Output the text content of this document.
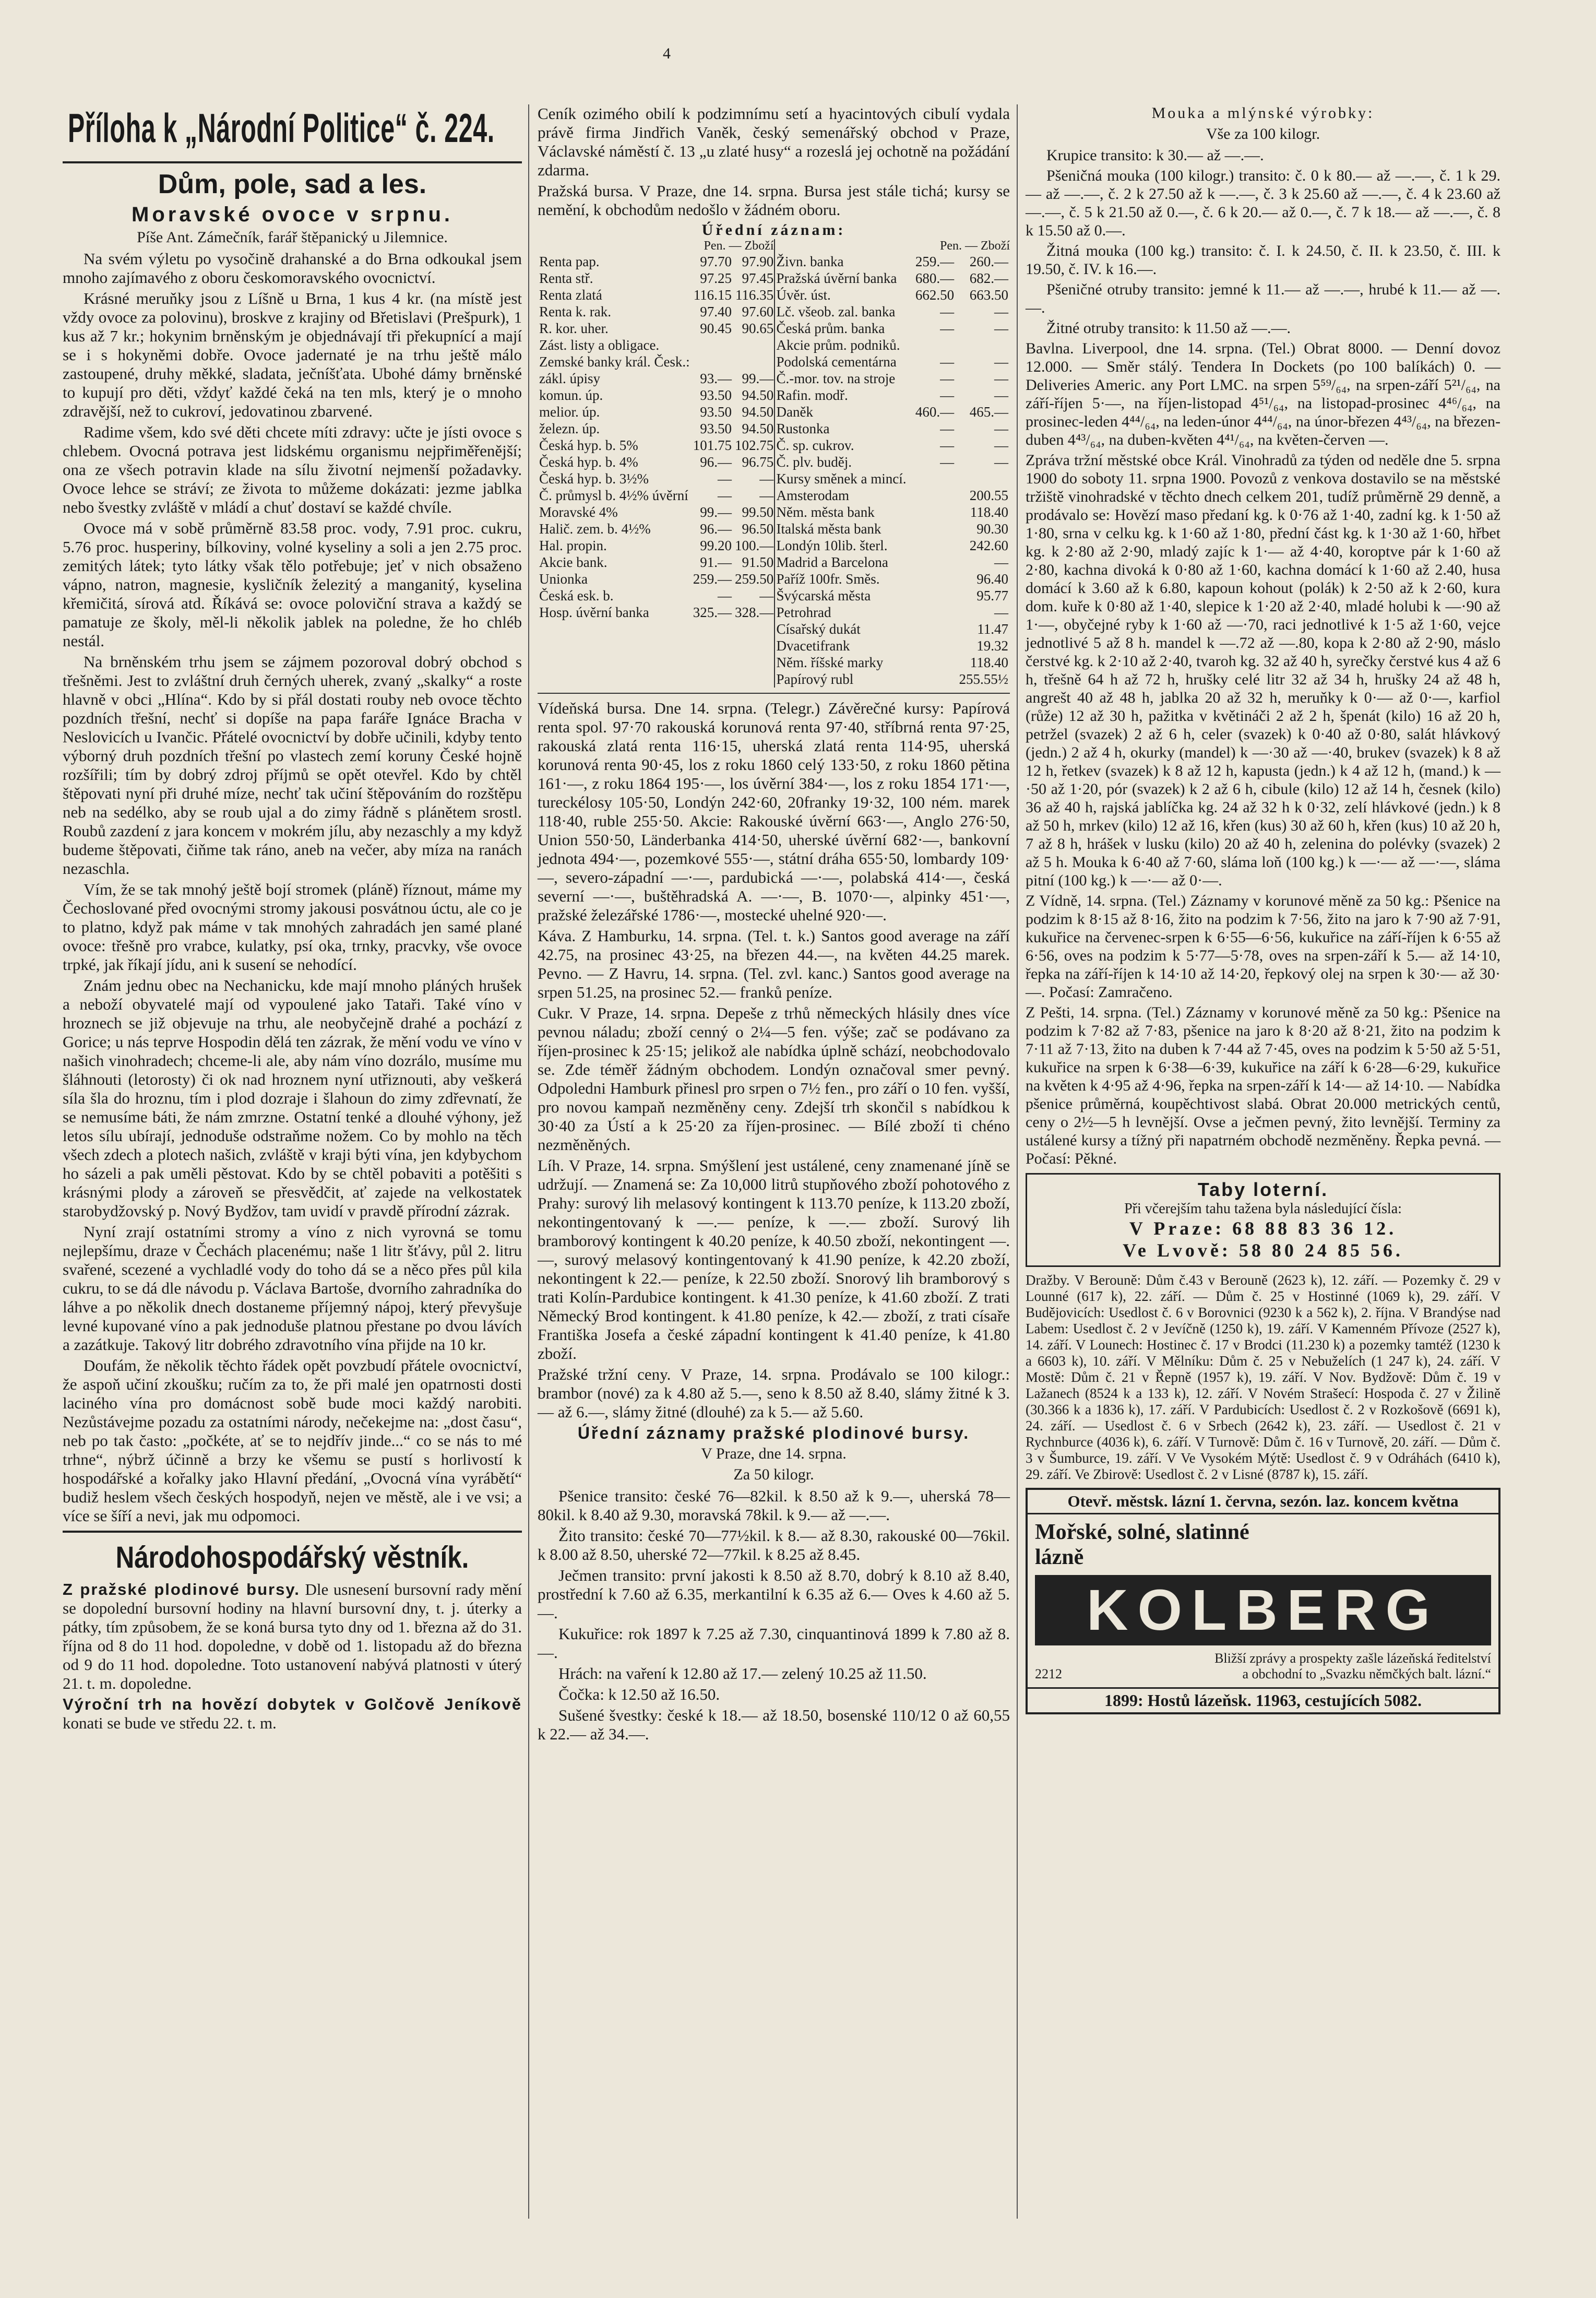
4
Příloha k „Národní Politice“ č. 224.
Dům, pole, sad a les.
Moravské ovoce v srpnu.
Píše Ant. Zámečník, farář štěpanický u Jilemnice.

Na svém výletu po vysočině drahanské a do Brna odkoukal jsem mnoho zajímavého z oboru českomoravského ovocnictví.

Krásné meruňky jsou z Líšně u Brna, 1 kus 4 kr. (na místě jest vždy ovoce za polovinu), broskve z krajiny od Břetislavi (Prešpurk), 1 kus až 7 kr.; hokynim brněnským je objednávají tři překupnící a mají se i s hokyněmi dobře. Ovoce jadernaté je na trhu ještě málo zastoupené, druhy měkké, sladata, ječníšťata. Ubohé dámy brněnské to kupují pro děti, vždyť každé čeká na ten mls, který je o mnoho zdravější, než to cukroví, jedovatinou zbarvené.

Radime všem, kdo své děti chcete míti zdravy: učte je jísti ovoce s chlebem. Ovocná potrava jest lidskému organismu nejpřiměřenější; ona ze všech potravin klade na sílu životní nejmenší požadavky. Ovoce lehce se stráví; ze života to můžeme dokázati: jezme jablka nebo švestky zvláště v mládí a chuť dostaví se každé chvíle.

Ovoce má v sobě průměrně 83.58 proc. vody, 7.91 proc. cukru, 5.76 proc. husperiny, bílkoviny, volné kyseliny a soli a jen 2.75 proc. zemitých látek; tyto látky však tělo potřebuje; jeť v nich obsaženo vápno, natron, magnesie, kysličník železitý a manganitý, kyselina křemičitá, sírová atd. Říkává se: ovoce poloviční strava a každý se pamatuje ze školy, měl-li několik jablek na poledne, že ho chléb nestál.

Na brněnském trhu jsem se zájmem pozoroval dobrý obchod s třešněmi. Jest to zvláštní druh černých uherek, zvaný „skalky“ a roste hlavně v obci „Hlína“. Kdo by si přál dostati rouby neb ovoce těchto pozdních třešní, nechť si dopíše na papa faráře Ignáce Bracha v Neslovicích u Ivančic. Přátelé ovocnictví by dobře učinili, kdyby tento výborný druh pozdních třešní po vlastech zemí koruny České hojně rozšířili; tím by dobrý zdroj příjmů se opět otevřel. Kdo by chtěl štěpovati nyní při druhé míze, nechť tak učiní štěpováním do rozštěpu neb na sedélko, aby se roub ujal a do zimy řádně s plánětem srostl. Roubů zazdení z jara koncem v mokrém jílu, aby nezaschly a my když budeme štěpovati, čiňme tak ráno, aneb na večer, aby míza na ranách nezaschla.

Vím, že se tak mnohý ještě bojí stromek (pláně) říznout, máme my Čechoslované před ovocnými stromy jakousi posvátnou úctu, ale co je to platno, když pak máme v tak mnohých zahradách jen samé plané ovoce: třešně pro vrabce, kulatky, psí oka, trnky, pracvky, vše ovoce trpké, jak říkají jídu, ani k susení se nehodící.

Znám jednu obec na Nechanicku, kde mají mnoho pláných hrušek a neboží obyvatelé mají od vypoulené jako Tataři. Také víno v hroznech se již objevuje na trhu, ale neobyčejně drahé a pochází z Gorice; u nás teprve Hospodin dělá ten zázrak, že mění vodu ve víno v našich vinohradech; chceme-li ale, aby nám víno dozrálo, musíme mu šláhnouti (letorosty) či ok nad hroznem nyní utřiznouti, aby veškerá síla šla do hroznu, tím i plod dozraje i šlahoun do zimy zdřevnatí, že se nemusíme báti, že nám zmrzne. Ostatní tenké a dlouhé výhony, jež letos sílu ubírají, jednoduše odstraňme nožem. Co by mohlo na těch všech zdech a plotech našich, zvláště v kraji býti vína, jen kdybychom ho sázeli a pak uměli pěstovat. Kdo by se chtěl pobaviti a potěšiti s krásnými plody a zároveň se přesvědčit, ať zajede na velkostatek starobydžovský p. Nový Bydžov, tam uvidí v pravdě přírodní zázrak.

Nyní zrají ostatními stromy a víno z nich vyrovná se tomu nejlepšímu, draze v Čechách placenému; naše 1 litr šťávy, půl 2. litru svařené, scezené a vychladlé vody do toho dá se a něco přes půl kila cukru, to se dá dle návodu p. Václava Bartoše, dvorního zahradníka do láhve a po několik dnech dostaneme příjemný nápoj, který převyšuje levné kupované víno a pak jednoduše platnou přestane po dvou lávích a zazátkuje. Takový litr dobrého zdravotního vína přijde na 10 kr.

Doufám, že několik těchto řádek opět povzbudí přátele ovocnictví, že aspoň učiní zkoušku; ručím za to, že při malé jen opatrnosti dosti laciného vína pro domácnost sobě bude moci každý narobiti. Nezůstávejme pozadu za ostatními národy, nečekejme na: „dost času“, neb po tak často: „počkéte, ať se to nejdřív jinde...“ co se nás to mé trhne“, nýbrž účinně a brzy ke všemu se pustí s horlivostí k hospodářské a kořalky jako Hlavní předání, „Ovocná vína vyrábětí“ budiž heslem všech českých hospodyň, nejen ve městě, ale i ve vsi; a více se šíří a nevi, jak mu odpomoci.

Národohospodářský věstník.

Z pražské plodinové bursy. Dle usnesení bursovní rady mění se dopolední bursovní hodiny na hlavní bursovní dny, t. j. úterky a pátky, tím způsobem, že se koná bursa tyto dny od 1. března až do 31. října od 8 do 11 hod. dopoledne, v době od 1. listopadu až do března od 9 do 11 hod. dopoledne. Toto ustanovení nabývá platnosti v úterý 21. t. m. dopoledne.

Výroční trh na hovězí dobytek v Golčově Jeníkově konati se bude ve středu 22. t. m.

Ceník ozimého obilí k podzimnímu setí a hyacintových cibulí vydala právě firma Jindřich Vaněk, český semenářský obchod v Praze, Václavské náměstí č. 13 „u zlaté husy“ a rozeslá jej ochotně na požádání zdarma.

Pražská bursa. V Praze, dne 14. srpna. Bursa jest stále tichá; kursy se nemění, k obchodům nedošlo v žádném oboru.

Úřední záznam:
Pen. — Zboží
Renta pap.	97.70	97.90
Renta stř.	97.25	97.45
Renta zlatá	116.15	116.35
Renta k. rak.	97.40	97.60
R. kor. uher.	90.45	90.65
Zást. listy a obligace.		
Zemské banky král. Česk.:		
zákl. úpisy	93.—	99.—
komun. úp.	93.50	94.50
melior. úp.	93.50	94.50
železn. úp.	93.50	94.50
Česká hyp. b. 5%	101.75	102.75
Česká hyp. b. 4%	96.—	96.75
Česká hyp. b. 3½%	—	—
Č. průmysl b. 4½% úvěrní	—	—
Moravské 4%	99.—	99.50
Halič. zem. b. 4½%	96.—	96.50
Hal. propin.	99.20	100.—
Akcie bank.	91.—	91.50
Unionka	259.—	259.50
Česká esk. b.	—	—
Hosp. úvěrní banka	325.—	328.—
Pen. — Zboží
Živn. banka	259.—	260.—
Pražská úvěrní banka	680.—	682.—
Úvěr. úst.	662.50	663.50
Lč. všeob. zal. banka	—	—
Česká prům. banka	—	—
Akcie prům. podniků.		
Podolská cementárna	—	—
Č.-mor. tov. na stroje	—	—
Rafin. modř.	—	—
Daněk	460.—	465.—
Rustonka	—	—
Č. sp. cukrov.	—	—
Č. plv. buděj.	—	—
Kursy směnek a mincí.		
Amsterodam		200.55
Něm. města bank		118.40
Italská města bank		90.30
Londýn 10lib. šterl.		242.60
Madrid a Barcelona		—
Paříž 100fr. Směs.		96.40
Švýcarská města		95.77
Petrohrad		—
Císařský dukát		11.47
Dvacetifrank		19.32
Něm. říšské marky		118.40
Papírový rubl		255.55½

Vídeňská bursa. Dne 14. srpna. (Telegr.) Závěrečné kursy: Papírová renta spol. 97·70 rakouská korunová renta 97·40, stříbrná renta 97·25, rakouská zlatá renta 116·15, uherská zlatá renta 114·95, uherská korunová renta 90·45, los z roku 1860 celý 133·50, z roku 1860 pětina 161·—, z roku 1864 195·—, los úvěrní 384·—, los z roku 1854 171·—, tureckélosy 105·50, Londýn 242·60, 20franky 19·32, 100 ném. marek 118·40, ruble 255·50. Akcie: Rakouské úvěrní 663·—, Anglo 276·50, Union 550·50, Länderbanka 414·50, uherské úvěrní 682·—, bankovní jednota 494·—, pozemkové 555·—, státní dráha 655·50, lombardy 109·—, severo-západní —·—, pardubická —·—, polabská 414·—, česká severní —·—, buštěhradská A. —·—, B. 1070·—, alpinky 451·—, pražské železářské 1786·—, mostecké uhelné 920·—.

Káva. Z Hamburku, 14. srpna. (Tel. t. k.) Santos good average na září 42.75, na prosinec 43·25, na březen 44.—, na květen 44.25 marek. Pevno. — Z Havru, 14. srpna. (Tel. zvl. kanc.) Santos good average na srpen 51.25, na prosinec 52.— franků peníze.

Cukr. V Praze, 14. srpna. Depeše z trhů německých hlásily dnes více pevnou náladu; zboží cenný o 2¼—5 fen. výše; zač se podávano za říjen-prosinec k 25·15; jelikož ale nabídka úplně schází, neobchodovalo se. Zde téměř žádným obchodem. Londýn označoval smer pevný. Odpoledni Hamburk přinesl pro srpen o 7½ fen., pro září o 10 fen. vyšší, pro novou kampaň nezměněny ceny. Zdejší trh skončil s nabídkou k 30·40 za Ústí a k 25·20 za říjen-prosinec. — Bílé zboží ti chéno nezměněných.

Líh. V Praze, 14. srpna. Smýšlení jest ustálené, ceny znamenané jíně se udržují. — Znamená se: Za 10,000 litrů stupňového zboží pohotového z Prahy: surový lih melasový kontingent k 113.70 peníze, k 113.20 zboží, nekontingentovaný k —.— peníze, k —.— zboží. Surový lih bramborový kontingent k 40.20 peníze, k 40.50 zboží, nekontingent —.—, surový melasový kontingentovaný k 41.90 peníze, k 42.20 zboží, nekontingent k 22.— peníze, k 22.50 zboží. Snorový lih bramborový s trati Kolín-Pardubice kontingent. k 41.30 peníze, k 41.60 zboží. Z trati Německý Brod kontingent. k 41.80 peníze, k 42.— zboží, z trati císaře Františka Josefa a české západní kontingent k 41.40 peníze, k 41.80 zboží.

Pražské tržní ceny. V Praze, 14. srpna. Prodávalo se 100 kilogr.: brambor (nové) za k 4.80 až 5.—, seno k 8.50 až 8.40, slámy žitné k 3.— až 6.—, slámy žitné (dlouhé) za k 5.— až 5.60.

Úřední záznamy pražské plodinové bursy.
V Praze, dne 14. srpna.
Za 50 kilogr.

Pšenice transito: české 76—82kil. k 8.50 až k 9.—, uherská 78—80kil. k 8.40 až 9.30, moravská 78kil. k 9.— až —.—.

Žito transito: české 70—77½kil. k 8.— až 8.30, rakouské 00—76kil. k 8.00 až 8.50, uherské 72—77kil. k 8.25 až 8.45.

Ječmen transito: první jakosti k 8.50 až 8.70, dobrý k 8.10 až 8.40, prostřední k 7.60 až 6.35, merkantilní k 6.35 až 6.— Oves k 4.60 až 5.—.

Kukuřice: rok 1897 k 7.25 až 7.30, cinquantinová 1899 k 7.80 až 8.—.

Hrách: na vaření k 12.80 až 17.— zelený 10.25 až 11.50.

Čočka: k 12.50 až 16.50.

Sušené švestky: české k 18.— až 18.50, bosenské 110/12 0 až 60,55 k 22.— až 34.—.

Mouka a mlýnské výrobky:
Vše za 100 kilogr.

Krupice transito: k 30.— až —.—.

Pšeničná mouka (100 kilogr.) transito: č. 0 k 80.— až —.—, č. 1 k 29.— až —.—, č. 2 k 27.50 až k —.—, č. 3 k 25.60 až —.—, č. 4 k 23.60 až —.—, č. 5 k 21.50 až 0.—, č. 6 k 20.— až 0.—, č. 7 k 18.— až —.—, č. 8 k 15.50 až 0.—.

Žitná mouka (100 kg.) transito: č. I. k 24.50, č. II. k 23.50, č. III. k 19.50, č. IV. k 16.—.

Pšeničné otruby transito: jemné k 11.— až —.—, hrubé k 11.— až —.—.

Žitné otruby transito: k 11.50 až —.—.

Bavlna. Liverpool, dne 14. srpna. (Tel.) Obrat 8000. — Denní dovoz 12.000. — Směr stálý. Tendera In Dockets (po 100 balíkách) 0. — Deliveries Americ. any Port LMC. na srpen 5⁵⁹/₆₄, na srpen-září 5²¹/₆₄, na září-říjen 5·—, na říjen-listopad 4⁵¹/₆₄, na listopad-prosinec 4⁴⁶/₆₄, na prosinec-leden 4⁴⁴/₆₄, na leden-únor 4⁴⁴/₆₄, na únor-březen 4⁴³/₆₄, na březen-duben 4⁴³/₆₄, na duben-květen 4⁴¹/₆₄, na květen-červen —.

Zpráva tržní městské obce Král. Vinohradů za týden od neděle dne 5. srpna 1900 do soboty 11. srpna 1900. Povozů z venkova dostavilo se na městské tržiště vinohradské v těchto dnech celkem 201, tudíž průměrně 29 denně, a prodávalo se: Hovězí maso předaní kg. k 0·76 až 1·40, zadní kg. k 1·50 až 1·80, srna v celku kg. k 1·60 až 1·80, přední část kg. k 1·30 až 1·60, hřbet kg. k 2·80 až 2·90, mladý zajíc k 1·— až 4·40, koroptve pár k 1·60 až 2·80, kachna divoká k 0·80 až 1·60, kachna domácí k 1·60 až 2.40, husa domácí k 3.60 až k 6.80, kapoun kohout (polák) k 2·50 až k 2·60, kura dom. kuře k 0·80 až 1·40, slepice k 1·20 až 2·40, mladé holubi k —·90 až 1·—, obyčejné ryby k 1·60 až —·70, raci jednotlivé k 1·5 až 1·60, vejce jednotlivé 5 až 8 h. mandel k —.72 až —.80, kopa k 2·80 až 2·90, máslo čerstvé kg. k 2·10 až 2·40, tvaroh kg. 32 až 40 h, syrečky čerstvé kus 4 až 6 h, třešně 64 h až 72 h, hrušky celé litr 32 až 34 h, hrušky 24 až 48 h, angrešt 40 až 48 h, jablka 20 až 32 h, meruňky k 0·— až 0·—, karfiol (růže) 12 až 30 h, pažitka v květináči 2 až 2 h, špenát (kilo) 16 až 20 h, petržel (svazek) 2 až 6 h, celer (svazek) k 0·40 až 0·80, salát hlávkový (jedn.) 2 až 4 h, okurky (mandel) k —·30 až —·40, brukev (svazek) k 8 až 12 h, řetkev (svazek) k 8 až 12 h, kapusta (jedn.) k 4 až 12 h, (mand.) k —·50 až 1·20, pór (svazek) k 2 až 6 h, cibule (kilo) 12 až 14 h, česnek (kilo) 36 až 40 h, rajská jablíčka kg. 24 až 32 h k 0·32, zelí hlávkové (jedn.) k 8 až 50 h, mrkev (kilo) 12 až 16, křen (kus) 30 až 60 h, křen (kus) 10 až 20 h, 7 až 8 h, hrášek v lusku (kilo) 20 až 40 h, zelenina do polévky (svazek) 2 až 5 h. Mouka k 6·40 až 7·60, sláma loň (100 kg.) k —·— až —·—, sláma pitní (100 kg.) k —·— až 0·—.

Z Vídně, 14. srpna. (Tel.) Záznamy v korunové měně za 50 kg.: Pšenice na podzim k 8·15 až 8·16, žito na podzim k 7·56, žito na jaro k 7·90 až 7·91, kukuřice na červenec-srpen k 6·55—6·56, kukuřice na září-říjen k 6·55 až 6·56, oves na podzim k 5·77—5·78, oves na srpen-září k 5.— až 14·10, řepka na září-říjen k 14·10 až 14·20, řepkový olej na srpen k 30·— až 30·—. Počasí: Zamračeno.

Z Pešti, 14. srpna. (Tel.) Záznamy v korunové měně za 50 kg.: Pšenice na podzim k 7·82 až 7·83, pšenice na jaro k 8·20 až 8·21, žito na podzim k 7·11 až 7·13, žito na duben k 7·44 až 7·45, oves na podzim k 5·50 až 5·51, kukuřice na srpen k 6·38—6·39, kukuřice na září k 6·28—6·29, kukuřice na květen k 4·95 až 4·96, řepka na srpen-září k 14·— až 14·10. — Nabídka pšenice průměrná, koupěchtivost slabá. Obrat 20.000 metrických centů, ceny o 2½—5 h levnější. Ovse a ječmen pevný, žito levnější. Terminy za ustálené kursy a tížný při napatrném obchodě nezměněny. Řepka pevná. — Počasí: Pěkné.

Taby loterní.
Při včerejším tahu tažena byla následující čísla:
V Praze: 68 88 83 36 12.
Ve Lvově: 58 80 24 85 56.

Dražby. V Berouně: Dům č.43 v Berouně (2623 k), 12. září. — Pozemky č. 29 v Lounné (617 k), 22. září. — Dům č. 25 v Hostinné (1069 k), 29. září. V Budějovicích: Usedlost č. 6 v Borovnici (9230 k a 562 k), 2. října. V Brandýse nad Labem: Usedlost č. 2 v Jevíčně (1250 k), 19. září. V Kamenném Přívoze (2527 k), 14. září. V Lounech: Hostinec č. 17 v Brodci (11.230 k) a pozemky tamtéž (1230 k a 6603 k), 10. září. V Mělníku: Dům č. 25 v Nebuželích (1 247 k), 24. září. V Mostě: Dům č. 21 v Řepně (1957 k), 19. září. V Nov. Bydžově: Dům č. 19 v Lažanech (8524 k a 133 k), 12. září. V Novém Strašecí: Hospoda č. 27 v Žilině (30.366 k a 1836 k), 17. září. V Pardubicích: Usedlost č. 2 v Rozkošově (6691 k), 24. září. — Usedlost č. 6 v Srbech (2642 k), 23. září. — Usedlost č. 21 v Rychnburce (4036 k), 6. září. V Turnově: Dům č. 16 v Turnově, 20. září. — Dům č. 3 v Šumburce, 19. září. V Ve Vysokém Mýtě: Usedlost č. 9 v Odráhách (6410 k), 29. září. Ve Zbirově: Usedlost č. 2 v Lisné (8787 k), 15. září.

Otevř. městsk. lázní 1. června, sezón. laz. koncem května
Mořské, solné, slatinné
lázně
KOLBERG
Bližší zprávy a prospekty zašle lázeňská ředitelství
2212	a obchodní to „Svazku němčkých balt. lázní.“
1899: Hostů lázeňsk. 11963, cestujících 5082.
